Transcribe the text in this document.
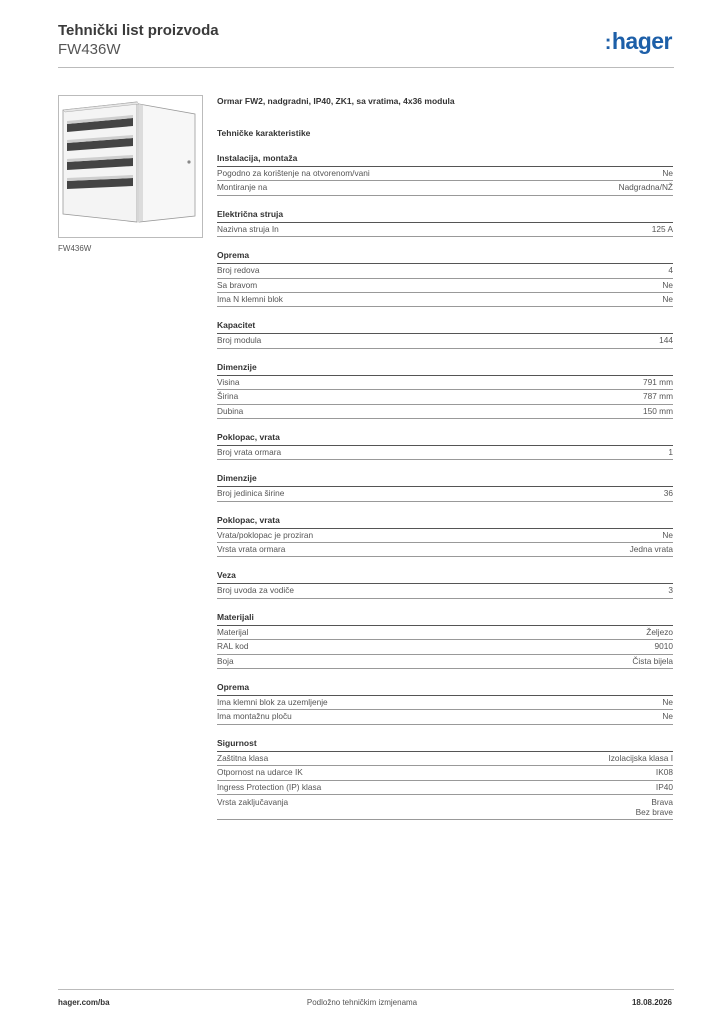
Tehnički list proizvoda
FW436W	:hager
FW436W
Ormar FW2, nadgradni, IP40, ZK1, sa vratima, 4x36 modula
Tehničke karakteristike
Instalacija, montaža
Pogodno za korištenje na otvorenom/vani	Ne
Montiranje na	Nadgradna/NŽ
Električna struja
Nazivna struja In	125 A
Oprema
Broj redova	4
Sa bravom	Ne
Ima N klemni blok	Ne
Kapacitet
Broj modula	144
Dimenzije
Visina	791 mm
Širina	787 mm
Dubina	150 mm
Poklopac, vrata
Broj vrata ormara	1
Dimenzije
Broj jedinica širine	36
Poklopac, vrata
Vrata/poklopac je proziran	Ne
Vrsta vrata ormara	Jedna vrata
Veza
Broj uvoda za vodiče	3
Materijali
Materijal	Željezo
RAL kod	9010
Boja	Čista bijela
Oprema
Ima klemni blok za uzemljenje	Ne
Ima montažnu ploču	Ne
Sigurnost
Zaštitna klasa	Izolacijska klasa I
Otpornost na udarce IK	IK08
Ingress Protection (IP) klasa	IP40
Vrsta zaključavanja	Brava
Bez brave
hager.com/ba	Podložno tehničkim izmjenama	18.08.2026
